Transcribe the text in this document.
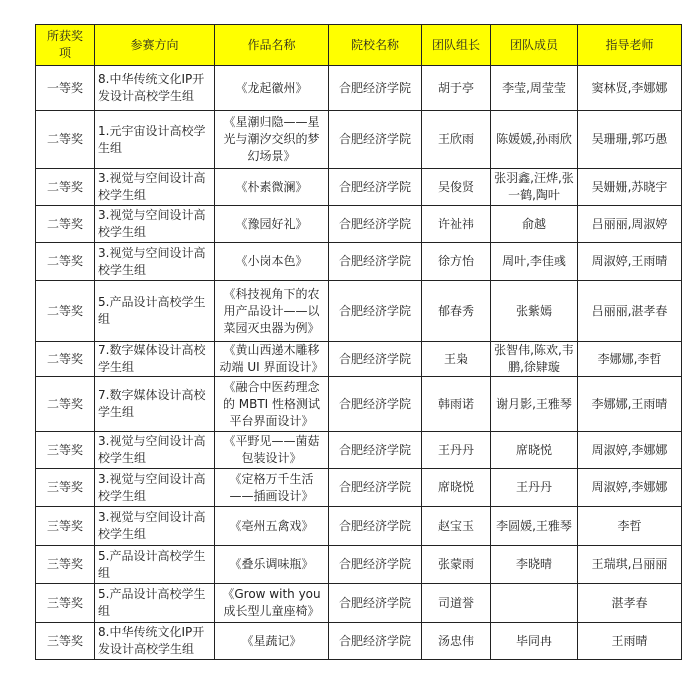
所获奖项	参赛方向	作品名称	院校名称	团队组长	团队成员	指导老师
一等奖	8.中华传统文化IP开发设计高校学生组	《龙起徽州》	合肥经济学院	胡于亭	李莹,周莹莹	窦林贤,李娜娜
二等奖	1.元宇宙设计高校学生组	《星潮归隐——星光与潮汐交织的梦幻场景》	合肥经济学院	王欣雨	陈媛媛,孙雨欣	吴珊珊,郭巧愚
二等奖	3.视觉与空间设计高校学生组	《朴素微澜》	合肥经济学院	吴俊贤	张羽鑫,汪烨,张一鹤,陶叶	吴姗姗,苏晓宇
二等奖	3.视觉与空间设计高校学生组	《豫园好礼》	合肥经济学院	许祉祎	俞越	吕丽丽,周淑婷
二等奖	3.视觉与空间设计高校学生组	《小岗本色》	合肥经济学院	徐方怡	周叶,李佳彧	周淑婷,王雨晴
二等奖	5.产品设计高校学生组	《科技视角下的农用产品设计——以菜园灭虫器为例》	合肥经济学院	郁春秀	张紫嫣	吕丽丽,湛孝春
二等奖	7.数字媒体设计高校学生组	《黄山西递木雕移动端 UI 界面设计》	合肥经济学院	王枭	张智伟,陈欢,韦鹏,徐肄璇	李娜娜,李哲
二等奖	7.数字媒体设计高校学生组	《融合中医药理念的 MBTI 性格测试平台界面设计》	合肥经济学院	韩雨诺	谢月影,王雅琴	李娜娜,王雨晴
三等奖	3.视觉与空间设计高校学生组	《平野见——菌菇包装设计》	合肥经济学院	王丹丹	席晓悦	周淑婷,李娜娜
三等奖	3.视觉与空间设计高校学生组	《定格万千生活——插画设计》	合肥经济学院	席晓悦	王丹丹	周淑婷,李娜娜
三等奖	3.视觉与空间设计高校学生组	《亳州五禽戏》	合肥经济学院	赵宝玉	李圆媛,王雅琴	李哲
三等奖	5.产品设计高校学生组	《叠乐调味瓶》	合肥经济学院	张蒙雨	李晓晴	王瑞琪,吕丽丽
三等奖	5.产品设计高校学生组	《Grow with you 成长型儿童座椅》	合肥经济学院	司道誉		湛孝春
三等奖	8.中华传统文化IP开发设计高校学生组	《星蔬记》	合肥经济学院	汤忠伟	毕同冉	王雨晴
